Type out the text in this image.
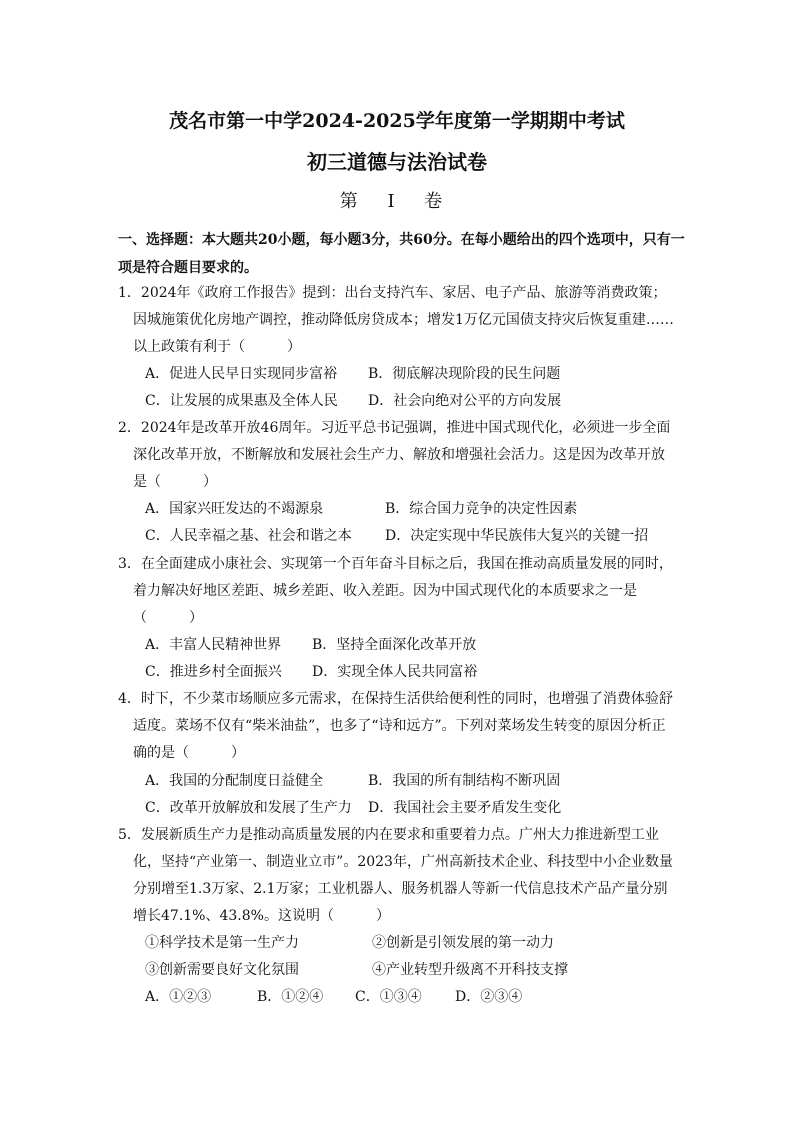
茂名市第一中学2024-2025学年度第一学期期中考试
初三道德与法治试卷
第 I 卷
一、选择题：本大题共20小题，每小题3分，共60分。在每小题给出的四个选项中，只有一项是符合题目要求的。
1．2024年《政府工作报告》提到：出台支持汽车、家居、电子产品、旅游等消费政策；因城施策优化房地产调控，推动降低房贷成本；增发1万亿元国债支持灾后恢复重建……以上政策有利于（　　　）
A．促进人民早日实现同步富裕 B．彻底解决现阶段的民生问题
C．让发展的成果惠及全体人民 D．社会向绝对公平的方向发展
2．2024年是改革开放46周年。习近平总书记强调，推进中国式现代化，必须进一步全面深化改革开放，不断解放和发展社会生产力、解放和增强社会活力。这是因为改革开放是（　　　）
A．国家兴旺发达的不竭源泉	B．综合国力竞争的决定性因素
C．人民幸福之基、社会和谐之本 D．决定实现中华民族伟大复兴的关键一招
3．在全面建成小康社会、实现第一个百年奋斗目标之后，我国在推动高质量发展的同时，着力解决好地区差距、城乡差距、收入差距。因为中国式现代化的本质要求之一是（　　　）
A．丰富人民精神世界 B．坚持全面深化改革开放
C．推进乡村全面振兴 D．实现全体人民共同富裕
4．时下，不少菜市场顺应多元需求，在保持生活供给便利性的同时，也增强了消费体验舒适度。菜场不仅有“柴米油盐”，也多了“诗和远方”。下列对菜场发生转变的原因分析正确的是（　　　）
A．我国的分配制度日益健全	B．我国的所有制结构不断巩固
C．改革开放解放和发展了生产力 D．我国社会主要矛盾发生变化
5．发展新质生产力是推动高质量发展的内在要求和重要着力点。广州大力推进新型工业化，坚持“产业第一、制造业立市”。2023年，广州高新技术企业、科技型中小企业数量分别增至1.3万家、2.1万家；工业机器人、服务机器人等新一代信息技术产品产量分别增长47.1%、43.8%。这说明（　　　）
①科学技术是第一生产力	②创新是引领发展的第一动力
③创新需要良好文化氛围	④产业转型升级离不开科技支撑
A．①②③	B．①②④ C．①③④ D．②③④
